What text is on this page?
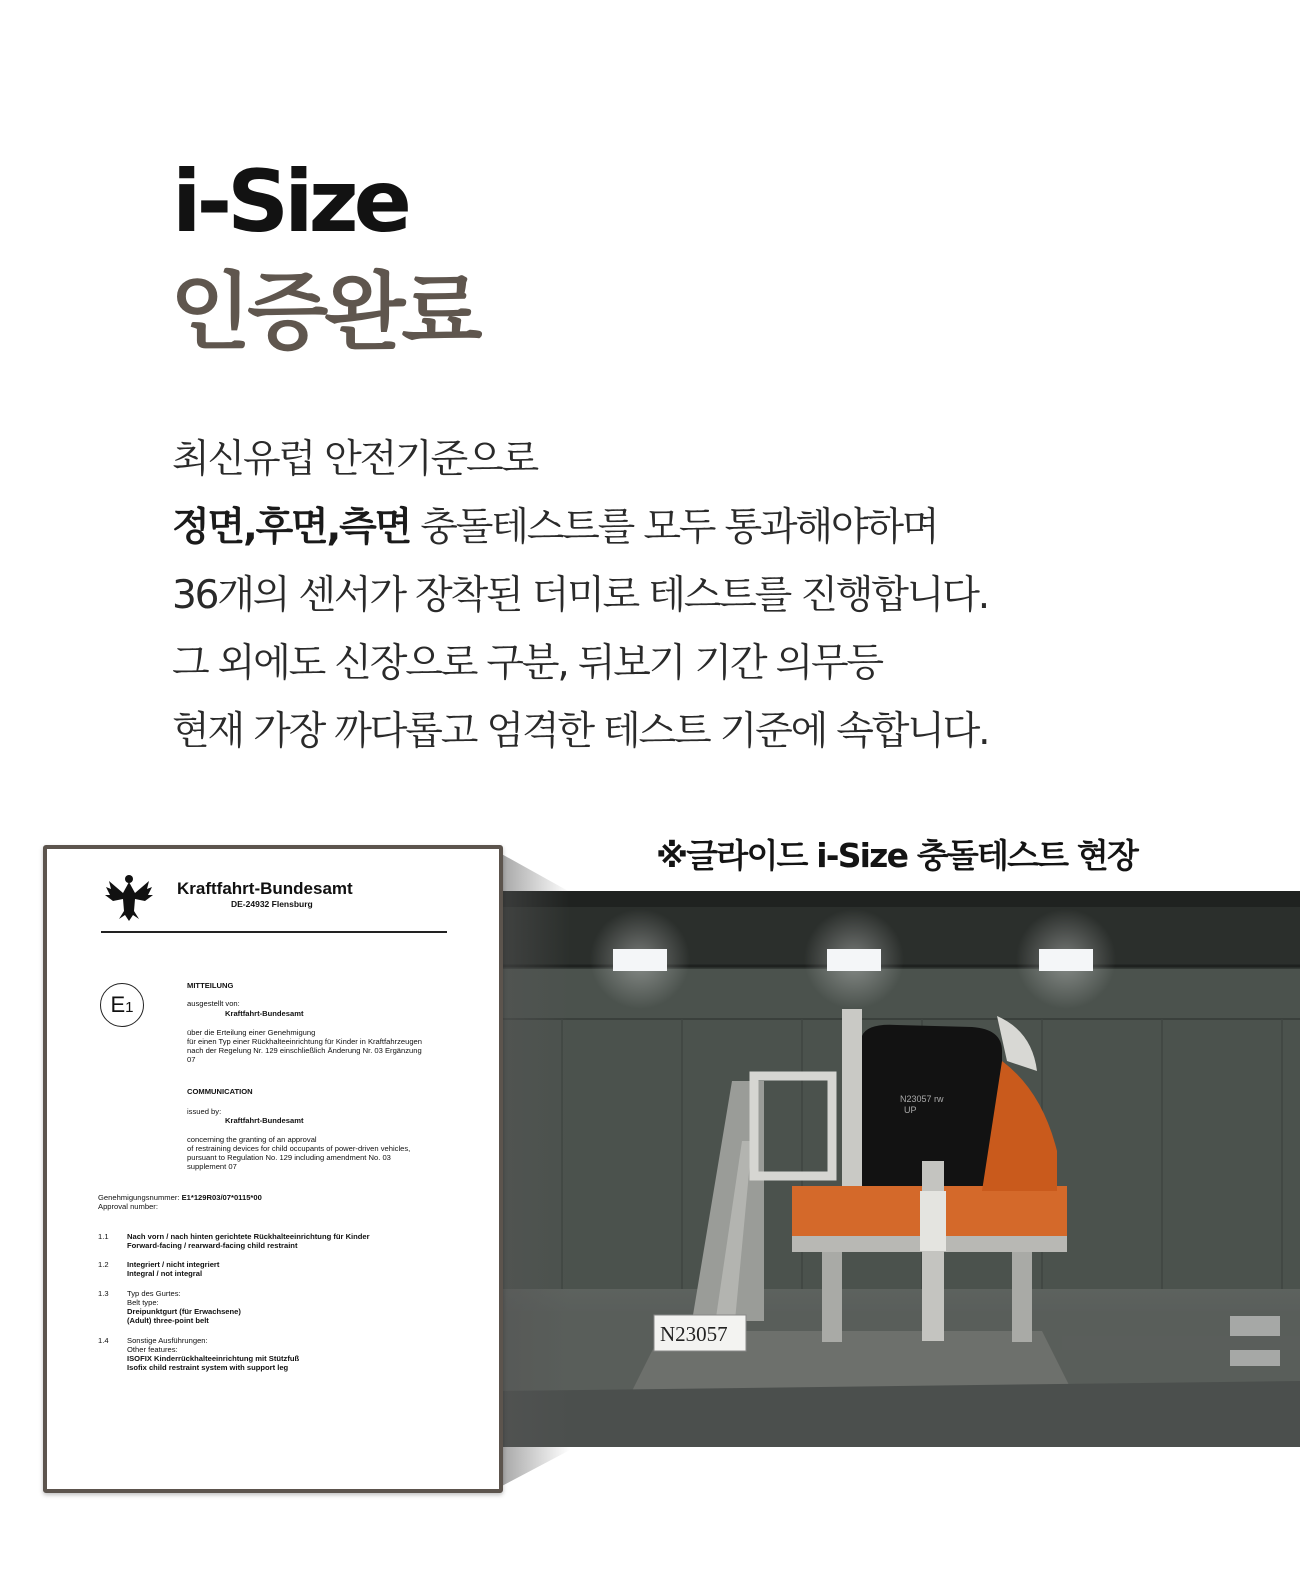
i-Size
인증완료
최신유럽 안전기준으로
정면,후면,측면 충돌테스트를 모두 통과해야하며
36개의 센서가 장착된 더미로 테스트를 진행합니다.
그 외에도 신장으로 구분, 뒤보기 기간 의무등
현재 가장 까다롭고 엄격한 테스트 기준에 속합니다.
※글라이드 i-Size 충돌테스트 현장
N23057 rw
UP
N23057
Kraftfahrt-Bundesamt
DE-24932 Flensburg
E1
MITTEILUNG
ausgestellt von:
Kraftfahrt-Bundesamt
über die Erteilung einer Genehmigung
für einen Typ einer Rückhalteeinrichtung für Kinder in Kraftfahrzeugen
nach der Regelung Nr. 129 einschließlich Änderung Nr. 03 Ergänzung
07
COMMUNICATION
issued by:
Kraftfahrt-Bundesamt
concerning the granting of an approval
of restraining devices for child occupants of power-driven vehicles,
pursuant to Regulation No. 129 including amendment No. 03
supplement 07
Genehmigungsnummer: E1*129R03/07*0115*00
Approval number:
1.1 Nach vorn / nach hinten gerichtete Rückhalteeinrichtung für Kinder
Forward-facing / rearward-facing child restraint
1.2 Integriert / nicht integriert
Integral / not integral
1.3 Typ des Gurtes:
Belt type:
Dreipunktgurt (für Erwachsene)
(Adult) three-point belt
1.4 Sonstige Ausführungen:
Other features:
ISOFIX Kinderrückhalteeinrichtung mit Stützfuß
Isofix child restraint system with support leg
